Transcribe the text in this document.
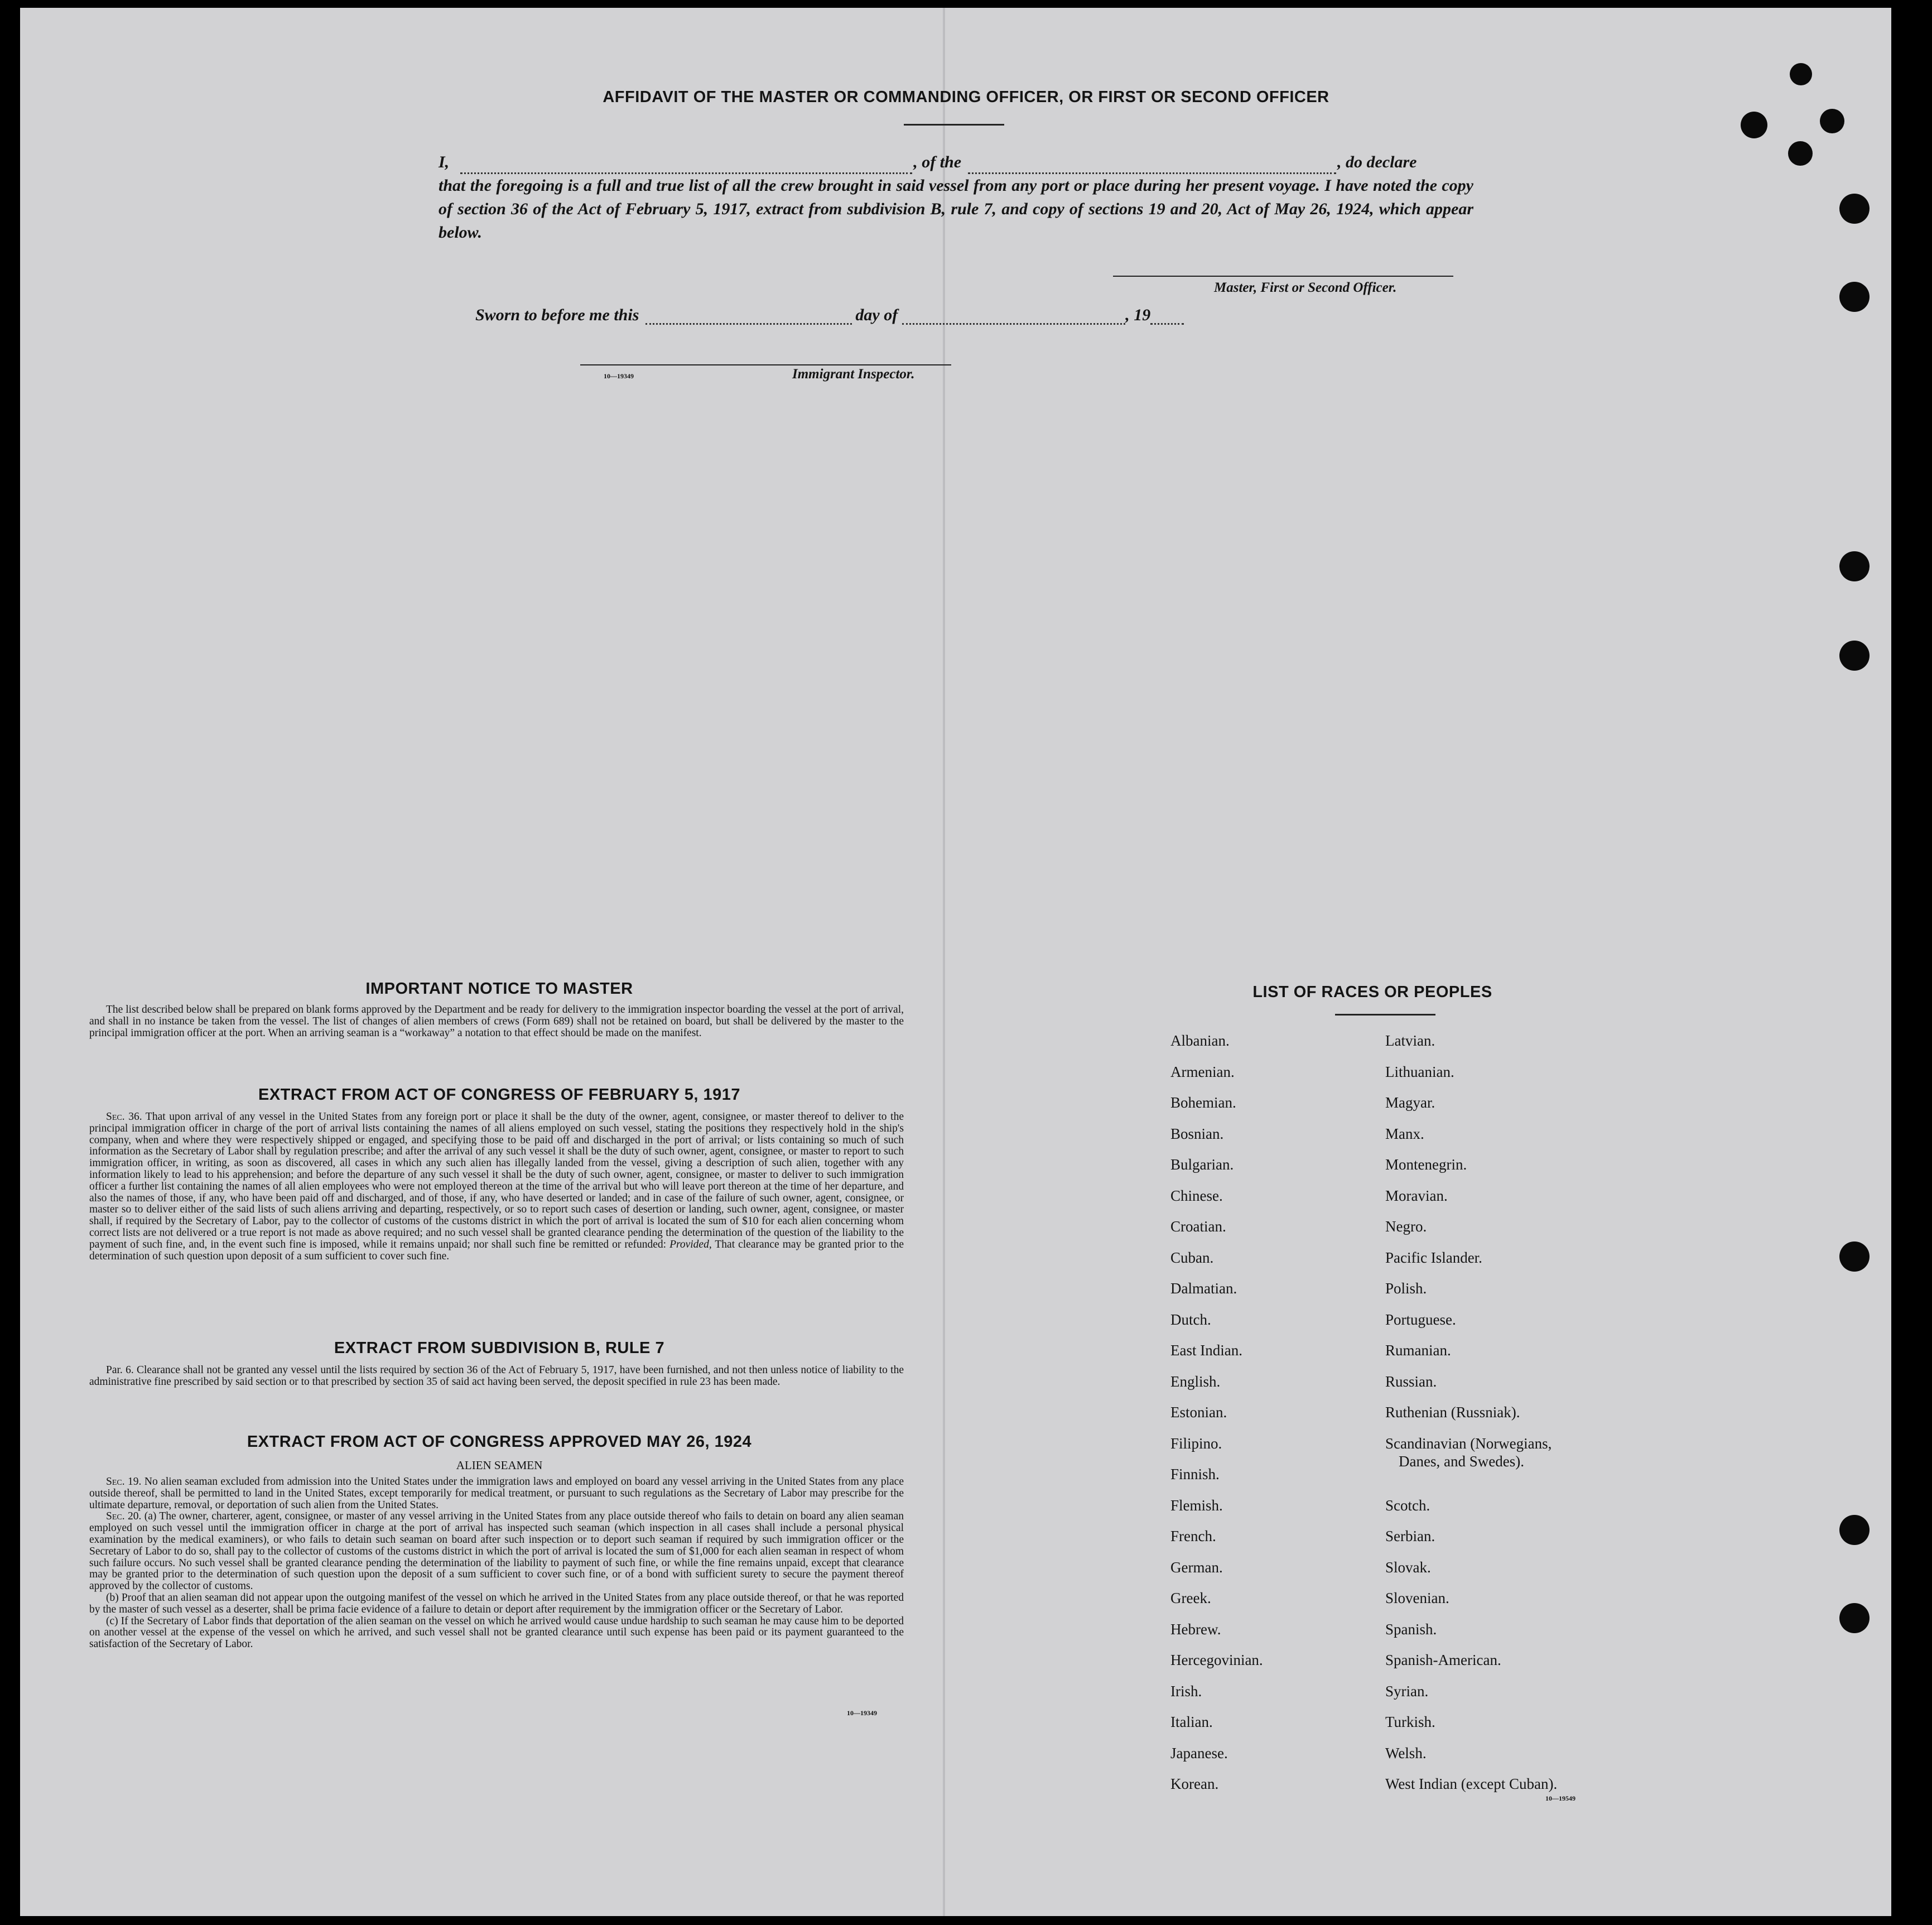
AFFIDAVIT OF THE MASTER OR COMMANDING OFFICER, OR FIRST OR SECOND OFFICER
I,	, of the	, do declare
that the foregoing is a full and true list of all the crew brought in said vessel from any port or place during her present voyage. I have noted the copy of section 36 of the Act of February 5, 1917, extract from subdivision B, rule 7, and copy of sections 19 and 20, Act of May 26, 1924, which appear below.
Master, First or Second Officer.
Sworn to before me this	day of	, 19
10—19349	Immigrant Inspector.
IMPORTANT NOTICE TO MASTER

The list described below shall be prepared on blank forms approved by the Department and be ready for delivery to the immigration inspector boarding the vessel at the port of arrival, and shall in no instance be taken from the vessel. The list of changes of alien members of crews (Form 689) shall not be retained on board, but shall be delivered by the master to the principal immigration officer at the port. When an arriving seaman is a “workaway” a notation to that effect should be made on the manifest.

EXTRACT FROM ACT OF CONGRESS OF FEBRUARY 5, 1917

Sec. 36. That upon arrival of any vessel in the United States from any foreign port or place it shall be the duty of the owner, agent, consignee, or master thereof to deliver to the principal immigration officer in charge of the port of arrival lists containing the names of all aliens employed on such vessel, stating the positions they respectively hold in the ship's company, when and where they were respectively shipped or engaged, and specifying those to be paid off and discharged in the port of arrival; or lists containing so much of such information as the Secretary of Labor shall by regulation prescribe; and after the arrival of any such vessel it shall be the duty of such owner, agent, consignee, or master to report to such immigration officer, in writing, as soon as discovered, all cases in which any such alien has illegally landed from the vessel, giving a description of such alien, together with any information likely to lead to his apprehension; and before the departure of any such vessel it shall be the duty of such owner, agent, consignee, or master to deliver to such immigration officer a further list containing the names of all alien employees who were not employed thereon at the time of the arrival but who will leave port thereon at the time of her departure, and also the names of those, if any, who have been paid off and discharged, and of those, if any, who have deserted or landed; and in case of the failure of such owner, agent, consignee, or master so to deliver either of the said lists of such aliens arriving and departing, respectively, or so to report such cases of desertion or landing, such owner, agent, consignee, or master shall, if required by the Secretary of Labor, pay to the collector of customs of the customs district in which the port of arrival is located the sum of $10 for each alien concerning whom correct lists are not delivered or a true report is not made as above required; and no such vessel shall be granted clearance pending the determination of the question of the liability to the payment of such fine, and, in the event such fine is imposed, while it remains unpaid; nor shall such fine be remitted or refunded: Provided, That clearance may be granted prior to the determination of such question upon deposit of a sum sufficient to cover such fine.

EXTRACT FROM SUBDIVISION B, RULE 7

Par. 6. Clearance shall not be granted any vessel until the lists required by section 36 of the Act of February 5, 1917, have been furnished, and not then unless notice of liability to the administrative fine prescribed by said section or to that prescribed by section 35 of said act having been served, the deposit specified in rule 23 has been made.

EXTRACT FROM ACT OF CONGRESS APPROVED MAY 26, 1924
ALIEN SEAMEN

Sec. 19. No alien seaman excluded from admission into the United States under the immigration laws and employed on board any vessel arriving in the United States from any place outside thereof, shall be permitted to land in the United States, except temporarily for medical treatment, or pursuant to such regulations as the Secretary of Labor may prescribe for the ultimate departure, removal, or deportation of such alien from the United States.

Sec. 20. (a) The owner, charterer, agent, consignee, or master of any vessel arriving in the United States from any place outside thereof who fails to detain on board any alien seaman employed on such vessel until the immigration officer in charge at the port of arrival has inspected such seaman (which inspection in all cases shall include a personal physical examination by the medical examiners), or who fails to detain such seaman on board after such inspection or to deport such seaman if required by such immigration officer or the Secretary of Labor to do so, shall pay to the collector of customs of the customs district in which the port of arrival is located the sum of $1,000 for each alien seaman in respect of whom such failure occurs. No such vessel shall be granted clearance pending the determination of the liability to payment of such fine, or while the fine remains unpaid, except that clearance may be granted prior to the determination of such question upon the deposit of a sum sufficient to cover such fine, or of a bond with sufficient surety to secure the payment thereof approved by the collector of customs.

(b) Proof that an alien seaman did not appear upon the outgoing manifest of the vessel on which he arrived in the United States from any place outside thereof, or that he was reported by the master of such vessel as a deserter, shall be prima facie evidence of a failure to detain or deport after requirement by the immigration officer or the Secretary of Labor.

(c) If the Secretary of Labor finds that deportation of the alien seaman on the vessel on which he arrived would cause undue hardship to such seaman he may cause him to be deported on another vessel at the expense of the vessel on which he arrived, and such vessel shall not be granted clearance until such expense has been paid or its payment guaranteed to the satisfaction of the Secretary of Labor.

10—19349
LIST OF RACES OR PEOPLES
Albanian.
Armenian.
Bohemian.
Bosnian.
Bulgarian.
Chinese.
Croatian.
Cuban.
Dalmatian.
Dutch.
East Indian.
English.
Estonian.
Filipino.
Finnish.
Flemish.
French.
German.
Greek.
Hebrew.
Hercegovinian.
Irish.
Italian.
Japanese.
Korean.
Latvian.
Lithuanian.
Magyar.
Manx.
Montenegrin.
Moravian.
Negro.
Pacific Islander.
Polish.
Portuguese.
Rumanian.
Russian.
Ruthenian (Russniak).
Scandinavian (Norwegians,
Danes, and Swedes).
Scotch.
Serbian.
Slovak.
Slovenian.
Spanish.
Spanish-American.
Syrian.
Turkish.
Welsh.
West Indian (except Cuban).
10—19549
